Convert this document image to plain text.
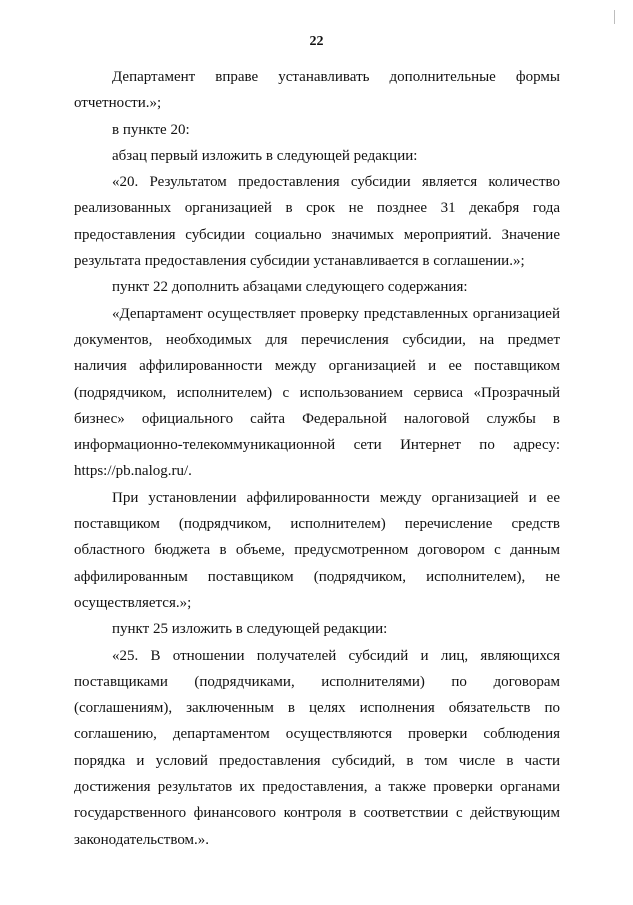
22
Департамент вправе устанавливать дополнительные формы
отчетности.»;
в пункте 20:
абзац первый изложить в следующей редакции:
«20. Результатом предоставления субсидии является количество
реализованных организацией в срок не позднее 31 декабря года
предоставления субсидии социально значимых мероприятий. Значение
результата предоставления субсидии устанавливается в соглашении.»;
пункт 22 дополнить абзацами следующего содержания:
«Департамент осуществляет проверку представленных организацией
документов, необходимых для перечисления субсидии, на предмет
наличия аффилированности между организацией и ее поставщиком
(подрядчиком, исполнителем) с использованием сервиса «Прозрачный
бизнес» официального сайта Федеральной налоговой службы в
информационно-телекоммуникационной сети Интернет по адресу:
https://pb.nalog.ru/.
При установлении аффилированности между организацией и ее
поставщиком (подрядчиком, исполнителем) перечисление средств
областного бюджета в объеме, предусмотренном договором с данным
аффилированным поставщиком (подрядчиком, исполнителем), не
осуществляется.»;
пункт 25 изложить в следующей редакции:
«25. В отношении получателей субсидий и лиц, являющихся
поставщиками (подрядчиками, исполнителями) по договорам
(соглашениям), заключенным в целях исполнения обязательств по
соглашению, департаментом осуществляются проверки соблюдения
порядка и условий предоставления субсидий, в том числе в части
достижения результатов их предоставления, а также проверки органами
государственного финансового контроля в соответствии с действующим
законодательством.».
